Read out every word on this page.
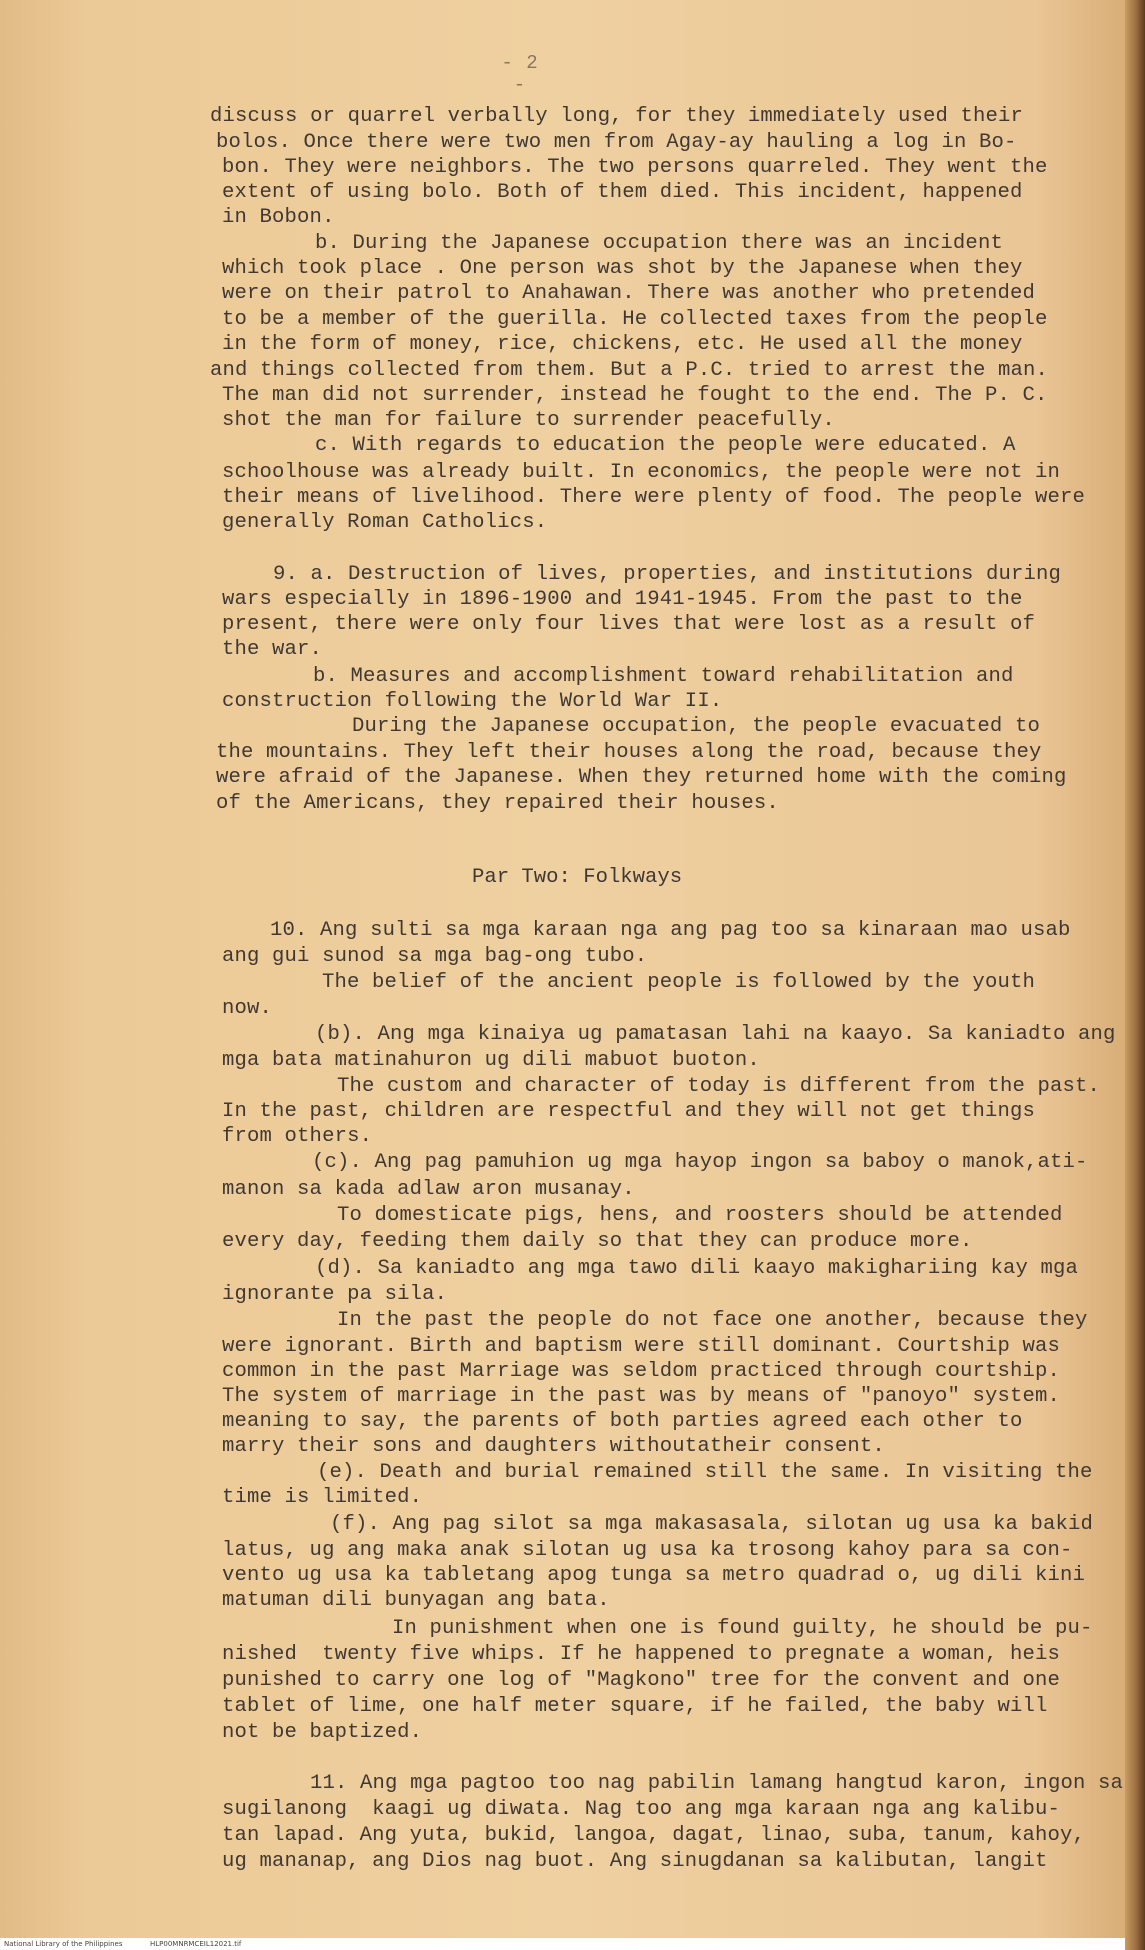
- 2 -
discuss or quarrel verbally long, for they immediately used their
bolos. Once there were two men from Agay-ay hauling a log in Bo-
bon. They were neighbors. The two persons quarreled. They went the
extent of using bolo. Both of them died. This incident, happened
in Bobon.
b. During the Japanese occupation there was an incident
which took place . One person was shot by the Japanese when they
were on their patrol to Anahawan. There was another who pretended
to be a member of the guerilla. He collected taxes from the people
in the form of money, rice, chickens, etc. He used all the money
and things collected from them. But a P.C. tried to arrest the man.
The man did not surrender, instead he fought to the end. The P. C.
shot the man for failure to surrender peacefully.
c. With regards to education the people were educated. A
schoolhouse was already built. In economics, the people were not in
their means of livelihood. There were plenty of food. The people were
generally Roman Catholics.
9. a. Destruction of lives, properties, and institutions during
wars especially in 1896-1900 and 1941-1945. From the past to the
present, there were only four lives that were lost as a result of
the war.
b. Measures and accomplishment toward rehabilitation and
construction following the World War II.
During the Japanese occupation, the people evacuated to
the mountains. They left their houses along the road, because they
were afraid of the Japanese. When they returned home with the coming
of the Americans, they repaired their houses.
10. Ang sulti sa mga karaan nga ang pag too sa kinaraan mao usab
ang gui sunod sa mga bag-ong tubo.
The belief of the ancient people is followed by the youth
now.
(b). Ang mga kinaiya ug pamatasan lahi na kaayo. Sa kaniadto ang
mga bata matinahuron ug dili mabuot buoton.
The custom and character of today is different from the past.
In the past, children are respectful and they will not get things
from others.
(c). Ang pag pamuhion ug mga hayop ingon sa baboy o manok,ati-
manon sa kada adlaw aron musanay.
To domesticate pigs, hens, and roosters should be attended
every day, feeding them daily so that they can produce more.
(d). Sa kaniadto ang mga tawo dili kaayo makighariing kay mga
ignorante pa sila.
In the past the people do not face one another, because they
were ignorant. Birth and baptism were still dominant. Courtship was
common in the past Marriage was seldom practiced through courtship.
The system of marriage in the past was by means of "panoyo" system.
meaning to say, the parents of both parties agreed each other to
marry their sons and daughters withoutatheir consent.
(e). Death and burial remained still the same. In visiting the
time is limited.
(f). Ang pag silot sa mga makasasala, silotan ug usa ka bakid
latus, ug ang maka anak silotan ug usa ka trosong kahoy para sa con-
vento ug usa ka tabletang apog tunga sa metro quadrad o, ug dili kini
matuman dili bunyagan ang bata.
In punishment when one is found guilty, he should be pu-
nished  twenty five whips. If he happened to pregnate a woman, heis
punished to carry one log of "Magkono" tree for the convent and one
tablet of lime, one half meter square, if he failed, the baby will
not be baptized.
11. Ang mga pagtoo too nag pabilin lamang hangtud karon, ingon sa
sugilanong  kaagi ug diwata. Nag too ang mga karaan nga ang kalibu-
tan lapad. Ang yuta, bukid, langoa, dagat, linao, suba, tanum, kahoy,
ug mananap, ang Dios nag buot. Ang sinugdanan sa kalibutan, langit
Par Two: Folkways
National Library of the Philippines	HLP00MNRMCEIL12021.tif
